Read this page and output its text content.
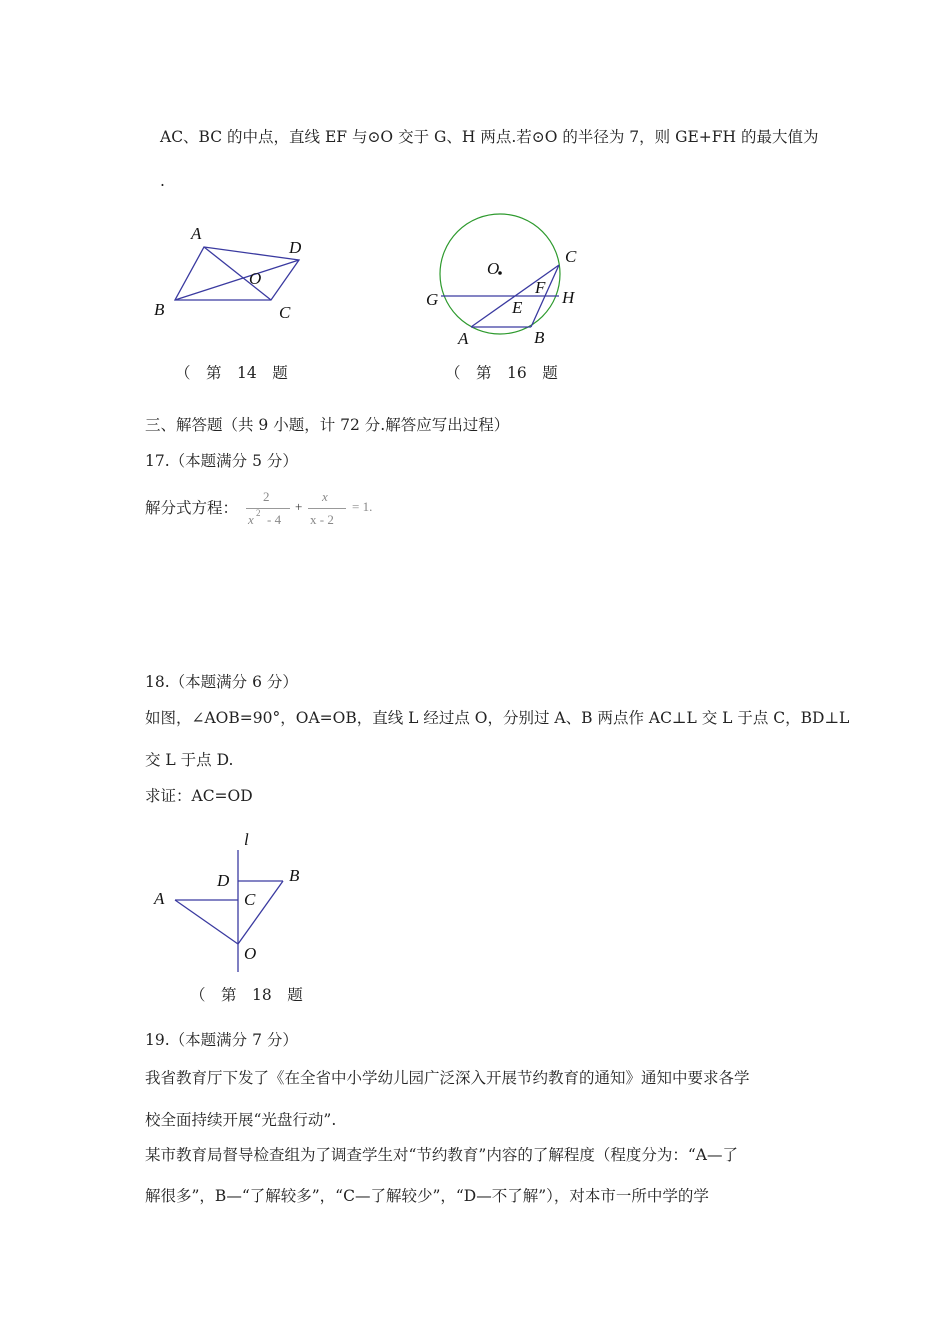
AC、BC 的中点，直线 EF 与⊙O 交于 G、H 两点.若⊙O 的半径为 7，则 GE+FH 的最大值为
.
A
D
O
B	C
O
C
G
F
H
E
A	B
l
D	B
A	C
O
（　第　14　题	（　第　16　题
三、解答题（共 9 小题，计 72 分.解答应写出过程）
17.（本题满分 5 分）
解分式方程：
2
x 2 - 4
+
x
x - 2
= 1.
18.（本题满分 6 分）
如图，∠AOB=90°，OA=OB，直线 L 经过点 O，分别过 A、B 两点作 AC⊥L 交 L 于点 C，BD⊥L
交 L 于点 D.
求证：AC=OD
（　第　18　题
19.（本题满分 7 分）
我省教育厅下发了《在全省中小学幼儿园广泛深入开展节约教育的通知》通知中要求各学
校全面持续开展“光盘行动”.
某市教育局督导检查组为了调查学生对“节约教育”内容的了解程度（程度分为：“A—了
解很多”，B—“了解较多”，“C—了解较少”，“D—不了解”），对本市一所中学的学
